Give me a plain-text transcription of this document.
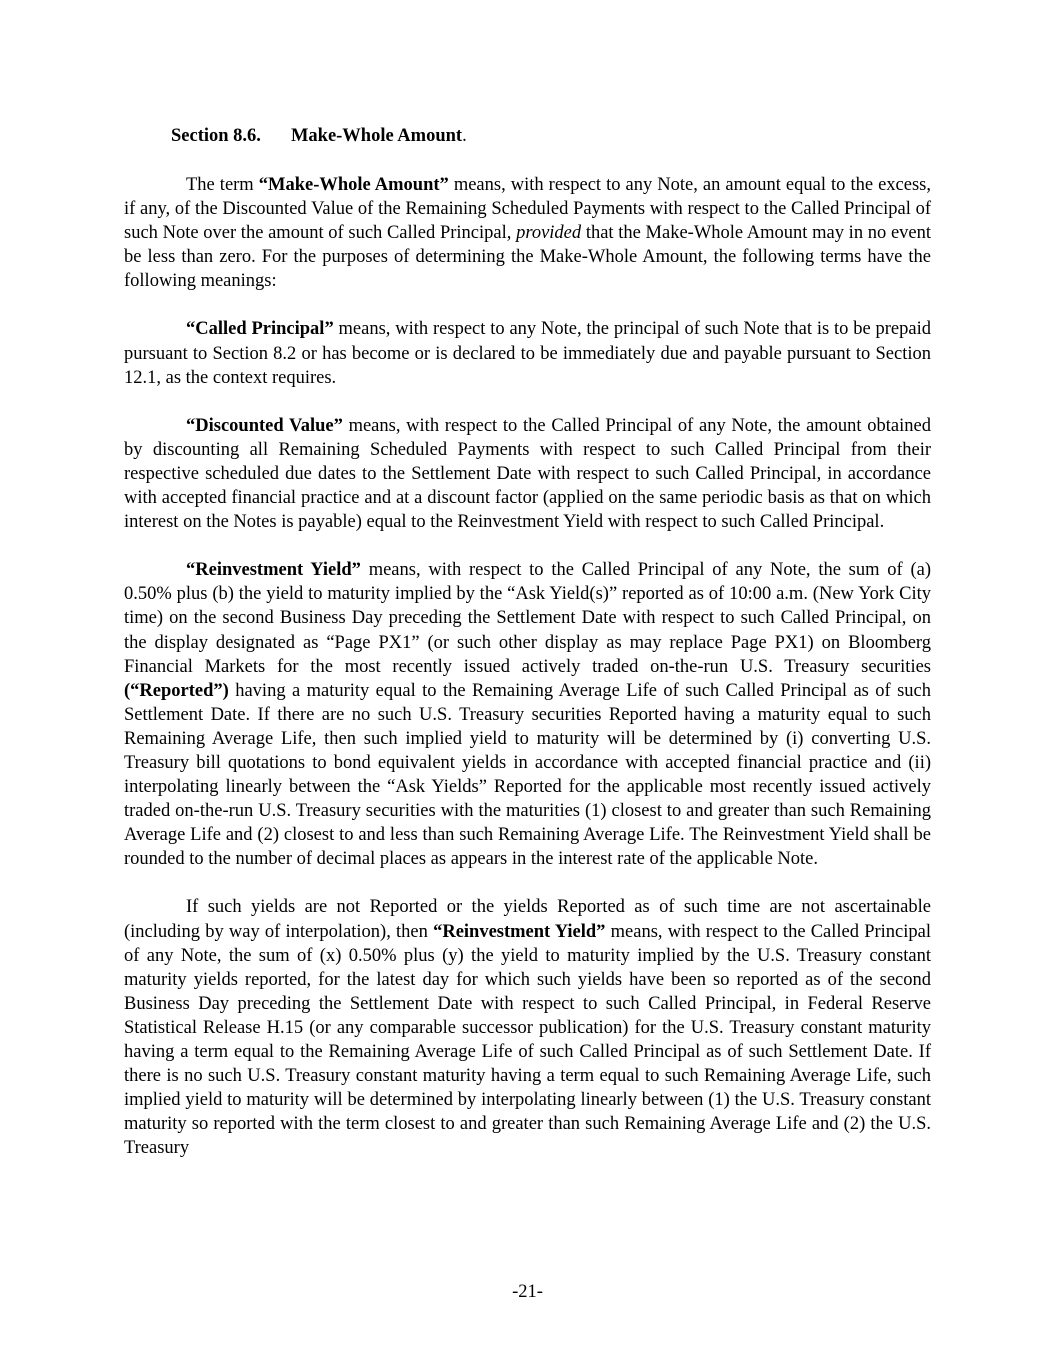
Section 8.6. Make-Whole Amount.

The term “Make-Whole Amount” means, with respect to any Note, an amount equal to the excess, if any, of the Discounted Value of the Remaining Scheduled Payments with respect to the Called Principal of such Note over the amount of such Called Principal, provided that the Make-Whole Amount may in no event be less than zero. For the purposes of determining the Make-Whole Amount, the following terms have the following meanings:

“Called Principal” means, with respect to any Note, the principal of such Note that is to be prepaid pursuant to Section 8.2 or has become or is declared to be immediately due and payable pursuant to Section 12.1, as the context requires.

“Discounted Value” means, with respect to the Called Principal of any Note, the amount obtained by discounting all Remaining Scheduled Payments with respect to such Called Principal from their respective scheduled due dates to the Settlement Date with respect to such Called Principal, in accordance with accepted financial practice and at a discount factor (applied on the same periodic basis as that on which interest on the Notes is payable) equal to the Reinvestment Yield with respect to such Called Principal.

“Reinvestment Yield” means, with respect to the Called Principal of any Note, the sum of (a) 0.50% plus (b) the yield to maturity implied by the “Ask Yield(s)” reported as of 10:00 a.m. (New York City time) on the second Business Day preceding the Settlement Date with respect to such Called Principal, on the display designated as “Page PX1” (or such other display as may replace Page PX1) on Bloomberg Financial Markets for the most recently issued actively traded on-the-run U.S. Treasury securities (“Reported”) having a maturity equal to the Remaining Average Life of such Called Principal as of such Settlement Date. If there are no such U.S. Treasury securities Reported having a maturity equal to such Remaining Average Life, then such implied yield to maturity will be determined by (i) converting U.S. Treasury bill quotations to bond equivalent yields in accordance with accepted financial practice and (ii) interpolating linearly between the “Ask Yields” Reported for the applicable most recently issued actively traded on-the-run U.S. Treasury securities with the maturities (1) closest to and greater than such Remaining Average Life and (2) closest to and less than such Remaining Average Life. The Reinvestment Yield shall be rounded to the number of decimal places as appears in the interest rate of the applicable Note.

If such yields are not Reported or the yields Reported as of such time are not ascertainable (including by way of interpolation), then “Reinvestment Yield” means, with respect to the Called Principal of any Note, the sum of (x) 0.50% plus (y) the yield to maturity implied by the U.S. Treasury constant maturity yields reported, for the latest day for which such yields have been so reported as of the second Business Day preceding the Settlement Date with respect to such Called Principal, in Federal Reserve Statistical Release H.15 (or any comparable successor publication) for the U.S. Treasury constant maturity having a term equal to the Remaining Average Life of such Called Principal as of such Settlement Date. If there is no such U.S. Treasury constant maturity having a term equal to such Remaining Average Life, such implied yield to maturity will be determined by interpolating linearly between (1) the U.S. Treasury constant maturity so reported with the term closest to and greater than such Remaining Average Life and (2) the U.S. Treasury

-21-
